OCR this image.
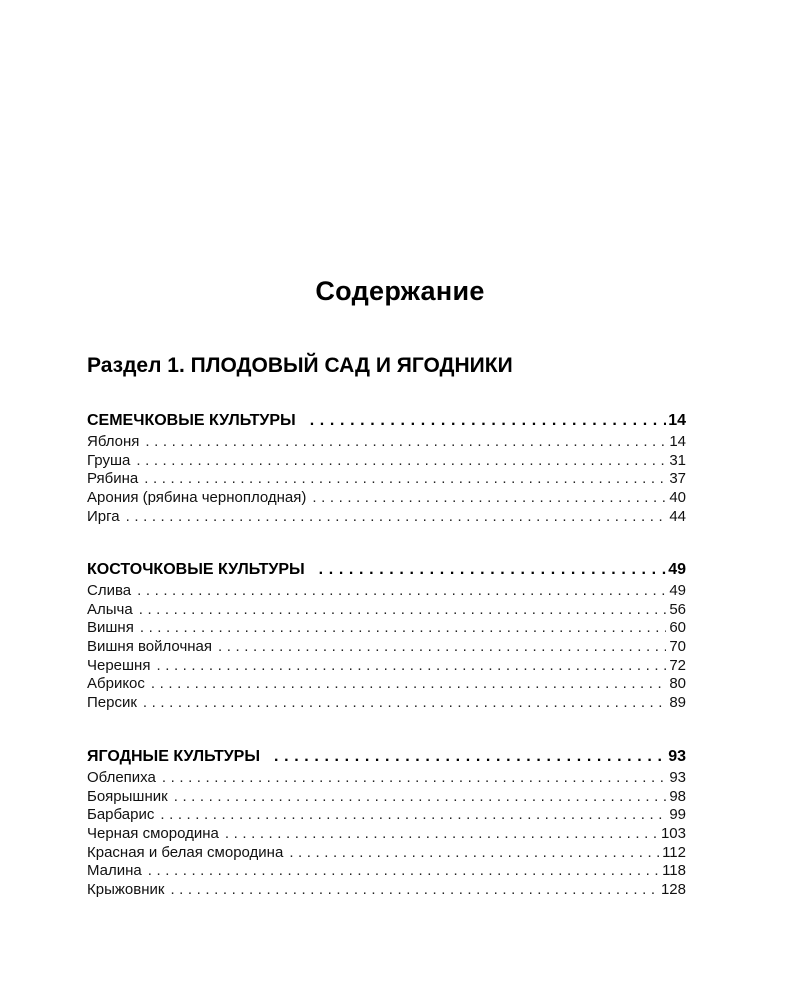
Содержание
Раздел 1. ПЛОДОВЫЙ САД И ЯГОДНИКИ
СЕМЕЧКОВЫЕ КУЛЬТУРЫ . . .	14
Яблоня . . .	14
Груша . . .	31
Рябина . . .	37
Арония (рябина черноплодная) . . .	40
Ирга . . .	44
КОСТОЧКОВЫЕ КУЛЬТУРЫ . . .	49
Слива . . .	49
Алыча . . .	56
Вишня . . .	60
Вишня войлочная . . .	70
Черешня . . .	72
Абрикос . . .	80
Персик . . .	89
ЯГОДНЫЕ КУЛЬТУРЫ . . .	93
Облепиха . . .	93
Боярышник . . .	98
Барбарис . . .	99
Черная смородина . . .	103
Красная и белая смородина . . .	112
Малина . . .	118
Крыжовник . . .	128
